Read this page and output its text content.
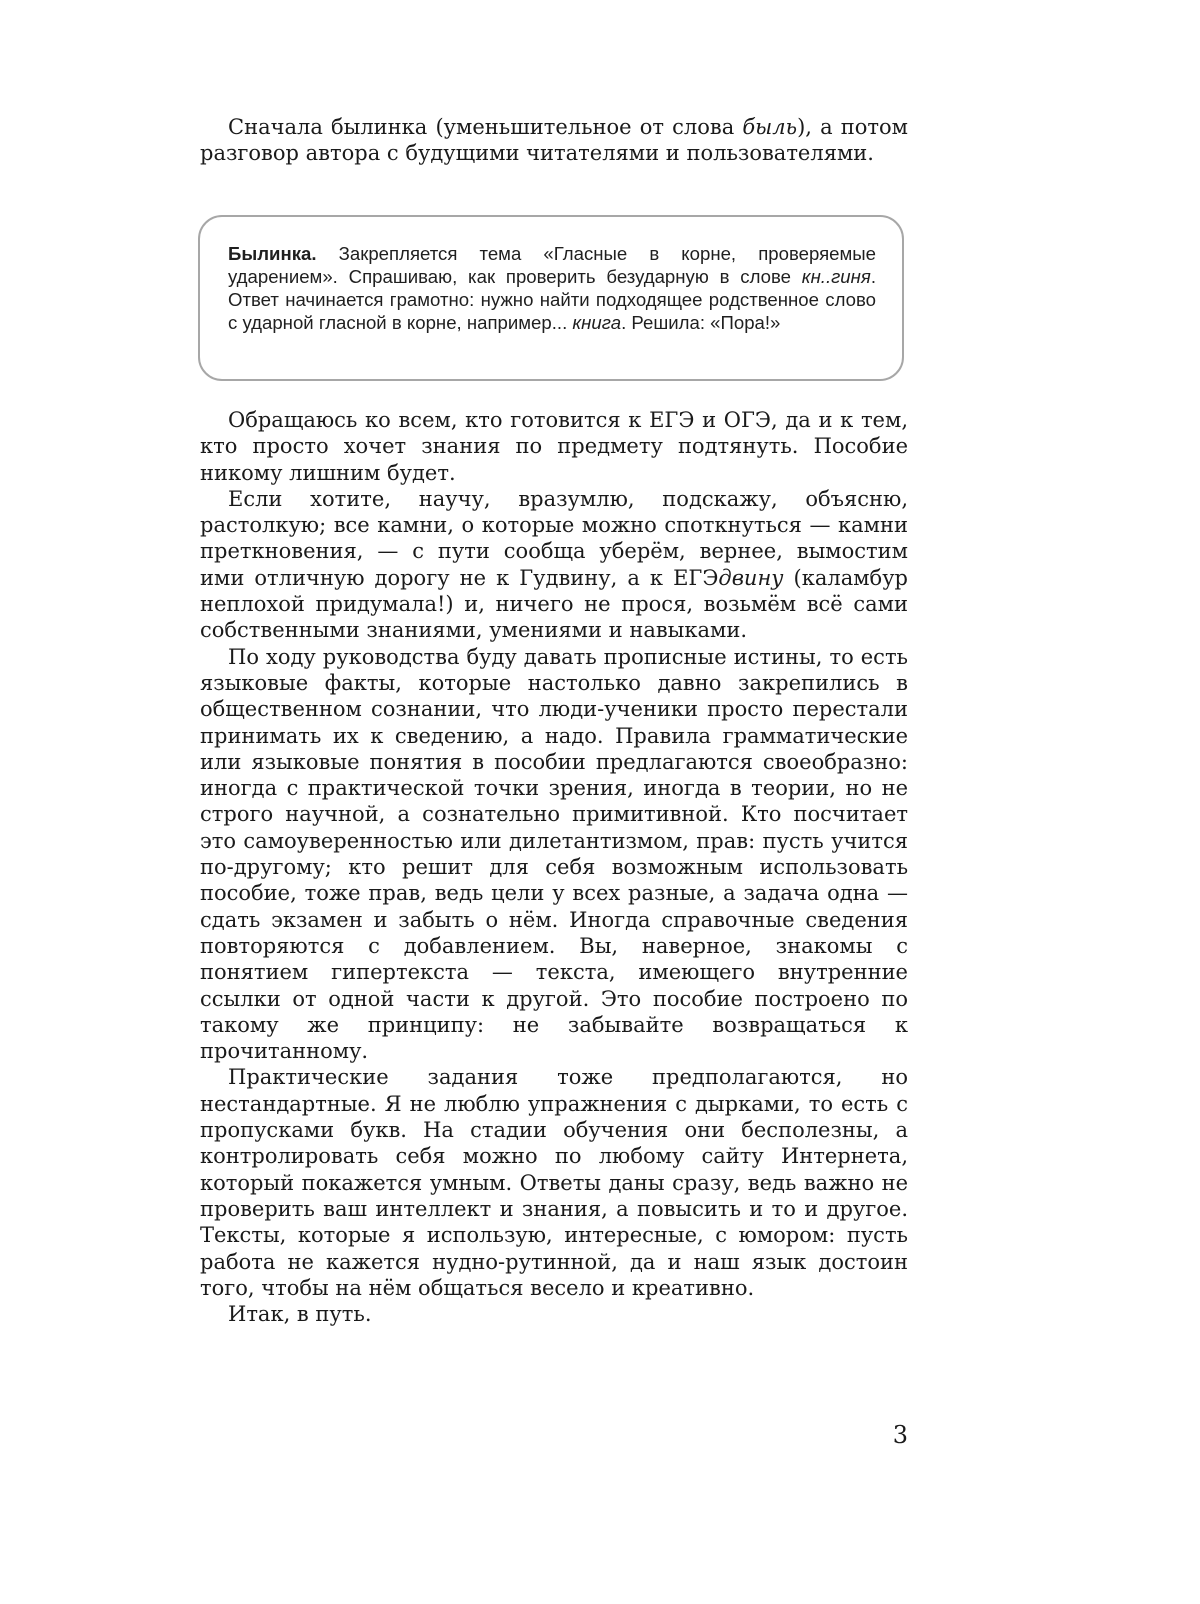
Сначала былинка (уменьшительное от слова быль), а потом разговор автора с будущими читателями и пользователями.

Былинка. Закрепляется тема «Гласные в корне, проверяемые ударением». Спрашиваю, как проверить безударную в слове кн..гиня. Ответ начинается грамотно: нужно найти подходящее родственное слово с ударной гласной в корне, например... книга. Решила: «Пора!»

Обращаюсь ко всем, кто готовится к ЕГЭ и ОГЭ, да и к тем, кто просто хочет знания по предмету подтянуть. Пособие никому лишним будет.

Если хотите, научу, вразумлю, подскажу, объясню, растолкую; все камни, о которые можно споткнуться — камни преткновения, — с пути сообща уберём, вернее, вымостим ими отличную дорогу не к Гудвину, а к ЕГЭдвину (каламбур неплохой придумала!) и, ничего не прося, возьмём всё сами собственными знаниями, умениями и навыками.

По ходу руководства буду давать прописные истины, то есть языковые факты, которые настолько давно закрепились в общественном сознании, что люди-ученики просто перестали принимать их к сведению, а надо. Правила грамматические или языковые понятия в пособии предлагаются своеобразно: иногда с практической точки зрения, иногда в теории, но не строго научной, а сознательно примитивной. Кто посчитает это самоуверенностью или дилетантизмом, прав: пусть учится по-другому; кто решит для себя возможным использовать пособие, тоже прав, ведь цели у всех разные, а задача одна — сдать экзамен и забыть о нём. Иногда справочные сведения повторяются с добавлением. Вы, наверное, знакомы с понятием гипертекста — текста, имеющего внутренние ссылки от одной части к другой. Это пособие построено по такому же принципу: не забывайте возвращаться к прочитанному.

Практические задания тоже предполагаются, но нестандартные. Я не люблю упражнения с дырками, то есть с пропусками букв. На стадии обучения они бесполезны, а контролировать себя можно по любому сайту Интернета, который покажется умным. Ответы даны сразу, ведь важно не проверить ваш интеллект и знания, а повысить и то и другое. Тексты, которые я использую, интересные, с юмором: пусть работа не кажется нудно-рутинной, да и наш язык достоин того, чтобы на нём общаться весело и креативно.

Итак, в путь.

3
